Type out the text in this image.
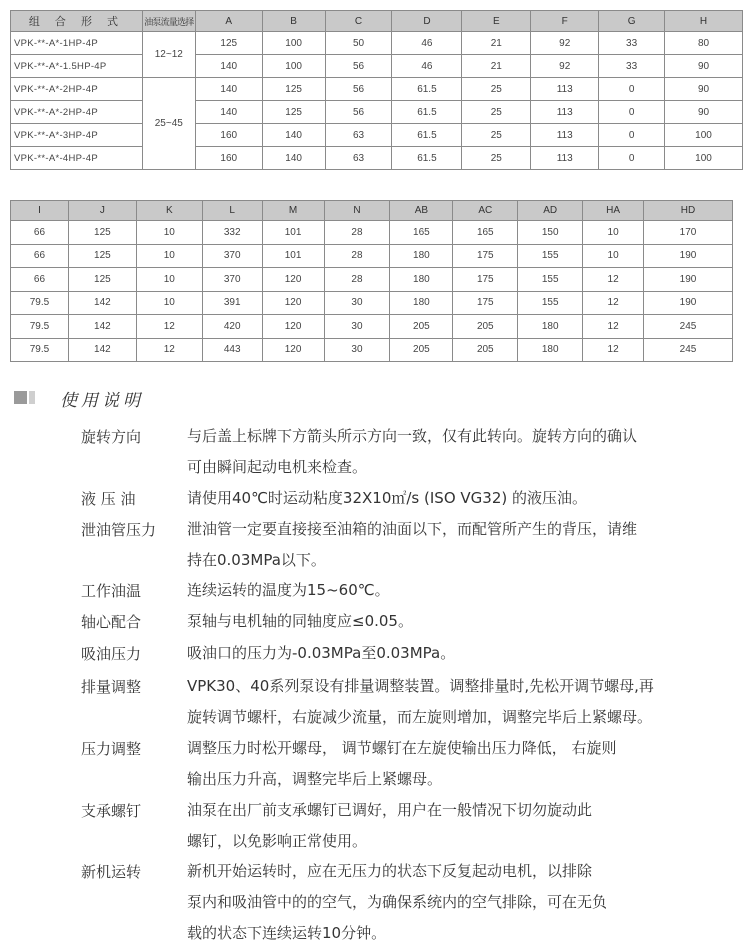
组 合 形 式	油泵流量选择	A	B	C	D	E	F	G	H
VPK-**-A*-1HP-4P	12~12	125	100	50	46	21	92	33	80
VPK-**-A*-1.5HP-4P		140	100	56	46	21	92	33	90
VPK-**-A*-2HP-4P	25~45	140	125	56	61.5	25	113	0	90
VPK-**-A*-2HP-4P		140	125	56	61.5	25	113	0	90
VPK-**-A*-3HP-4P		160	140	63	61.5	25	113	0	100
VPK-**-A*-4HP-4P		160	140	63	61.5	25	113	0	100
I	J	K	L	M	N	AB	AC	AD	HA	HD
66	125	10	332	101	28	165	165	150	10	170
66	125	10	370	101	28	180	175	155	10	190
66	125	10	370	120	28	180	175	155	12	190
79.5	142	10	391	120	30	180	175	155	12	190
79.5	142	12	420	120	30	205	205	180	12	245
79.5	142	12	443	120	30	205	205	180	12	245
使用说明
旋转方向	与后盖上标牌下方箭头所示方向一致，仅有此转向。旋转方向的确认
可由瞬间起动电机来检查。
液 压 油	请使用40℃时运动粘度32X10㎡/s (ISO VG32) 的液压油。
泄油管压力 泄油管一定要直接接至油箱的油面以下，而配管所产生的背压，请维
持在0.03MPa以下。
工作油温	连续运转的温度为15~60℃。
轴心配合	泵轴与电机轴的同轴度应≤0.05。
吸油压力	吸油口的压力为-0.03MPa至0.03MPa。
排量调整	VPK30、40系列泵设有排量调整装置。调整排量时,先松开调节螺母,再
旋转调节螺杆，右旋减少流量，而左旋则增加，调整完毕后上紧螺母。
压力调整	调整压力时松开螺母， 调节螺钉在左旋使输出压力降低， 右旋则
输出压力升高，调整完毕后上紧螺母。
支承螺钉	油泵在出厂前支承螺钉已调好，用户在一般情况下切勿旋动此
螺钉，以免影响正常使用。
新机运转	新机开始运转时，应在无压力的状态下反复起动电机，以排除
泵内和吸油管中的的空气，为确保系统内的空气排除，可在无负
载的状态下连续运转10分钟。
